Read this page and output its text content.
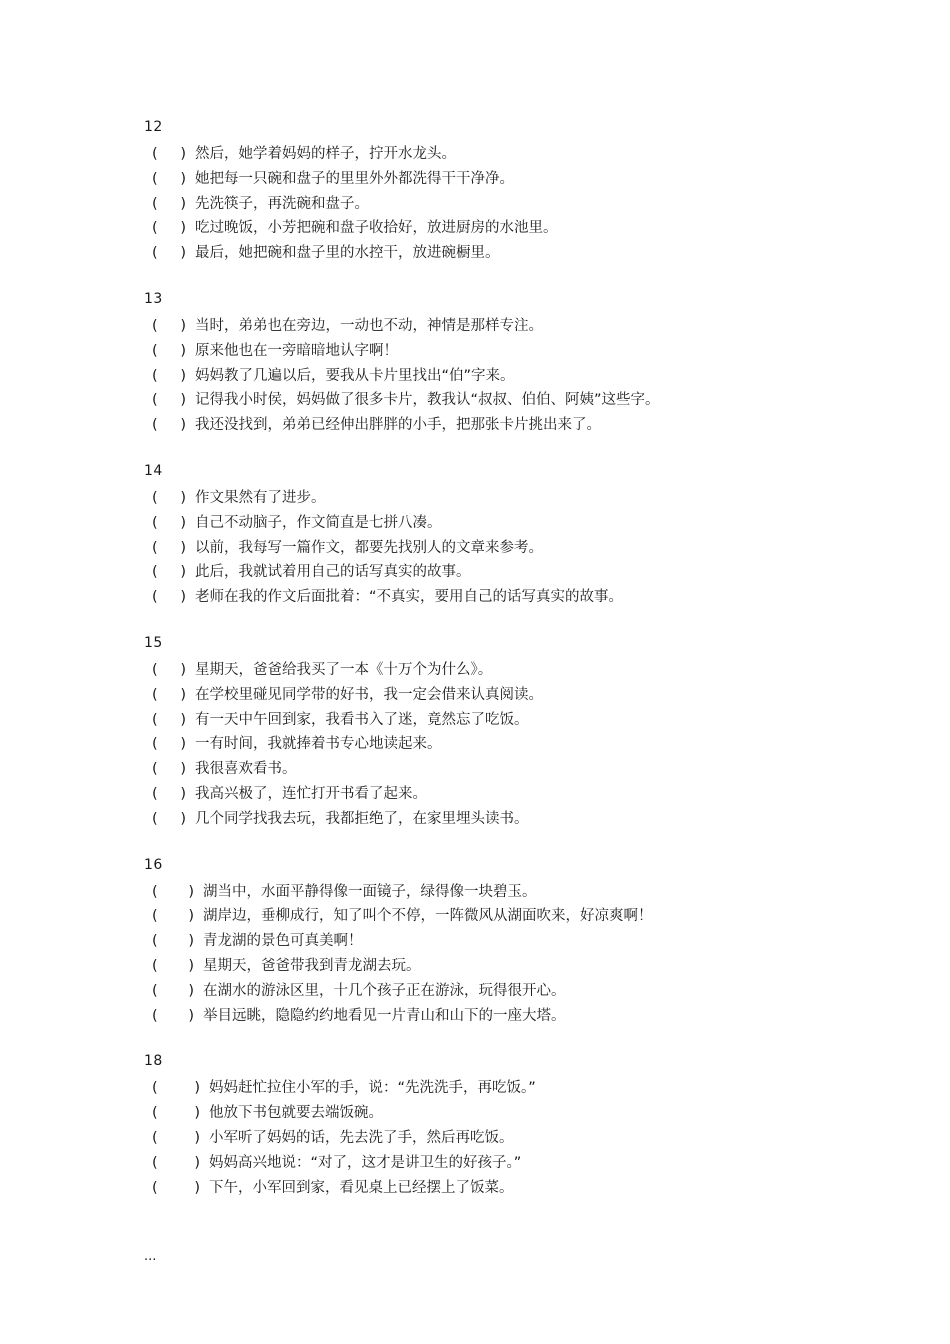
12
( ) 然后，她学着妈妈的样子，拧开水龙头。
( ) 她把每一只碗和盘子的里里外外都洗得干干净净。
( ) 先洗筷子，再洗碗和盘子。
( ) 吃过晚饭，小芳把碗和盘子收拾好，放进厨房的水池里。
( ) 最后，她把碗和盘子里的水控干，放进碗橱里。
13
( ) 当时，弟弟也在旁边，一动也不动，神情是那样专注。
( ) 原来他也在一旁暗暗地认字啊！
( ) 妈妈教了几遍以后，要我从卡片里找出“伯”字来。
( ) 记得我小时侯，妈妈做了很多卡片，教我认“叔叔、伯伯、阿姨”这些字。
( ) 我还没找到，弟弟已经伸出胖胖的小手，把那张卡片挑出来了。
14
( ) 作文果然有了进步。
( ) 自己不动脑子，作文简直是七拼八凑。
( ) 以前，我每写一篇作文，都要先找别人的文章来参考。
( ) 此后，我就试着用自己的话写真实的故事。
( ) 老师在我的作文后面批着：“不真实，要用自己的话写真实的故事。
15
( ) 星期天，爸爸给我买了一本《十万个为什么》。
( ) 在学校里碰见同学带的好书，我一定会借来认真阅读。
( ) 有一天中午回到家，我看书入了迷，竟然忘了吃饭。
( ) 一有时间，我就捧着书专心地读起来。
( ) 我很喜欢看书。
( ) 我高兴极了，连忙打开书看了起来。
( ) 几个同学找我去玩，我都拒绝了，在家里埋头读书。
16
( ) 湖当中，水面平静得像一面镜子，绿得像一块碧玉。
( ) 湖岸边，垂柳成行，知了叫个不停，一阵微风从湖面吹来，好凉爽啊！
( ) 青龙湖的景色可真美啊！
( ) 星期天，爸爸带我到青龙湖去玩。
( ) 在湖水的游泳区里，十几个孩子正在游泳，玩得很开心。
( ) 举目远眺，隐隐约约地看见一片青山和山下的一座大塔。
18
(	) 妈妈赶忙拉住小军的手，说：“先洗洗手，再吃饭。”
(	) 他放下书包就要去端饭碗。
(	) 小军听了妈妈的话，先去洗了手，然后再吃饭。
(	) 妈妈高兴地说：“对了，这才是讲卫生的好孩子。”
(	) 下午，小军回到家，看见桌上已经摆上了饭菜。
...
